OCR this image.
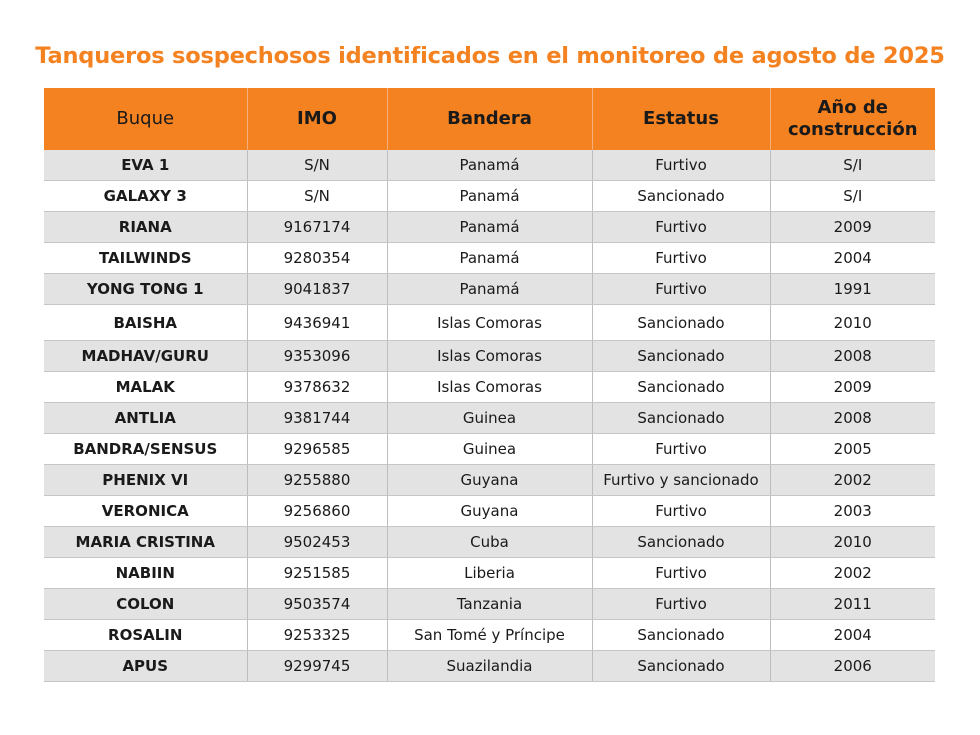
Tanqueros sospechosos identificados en el monitoreo de agosto de 2025
Buque	IMO	Bandera	Estatus	Año de construcción
EVA 1	S/N	Panamá	Furtivo	S/I
GALAXY 3	S/N	Panamá	Sancionado	S/I
RIANA	9167174	Panamá	Furtivo	2009
TAILWINDS	9280354	Panamá	Furtivo	2004
YONG TONG 1	9041837	Panamá	Furtivo	1991
BAISHA	9436941	Islas Comoras	Sancionado	2010
MADHAV/GURU	9353096	Islas Comoras	Sancionado	2008
MALAK	9378632	Islas Comoras	Sancionado	2009
ANTLIA	9381744	Guinea	Sancionado	2008
BANDRA/SENSUS	9296585	Guinea	Furtivo	2005
PHENIX VI	9255880	Guyana	Furtivo y sancionado	2002
VERONICA	9256860	Guyana	Furtivo	2003
MARIA CRISTINA	9502453	Cuba	Sancionado	2010
NABIIN	9251585	Liberia	Furtivo	2002
COLON	9503574	Tanzania	Furtivo	2011
ROSALIN	9253325	San Tomé y Príncipe	Sancionado	2004
APUS	9299745	Suazilandia	Sancionado	2006
